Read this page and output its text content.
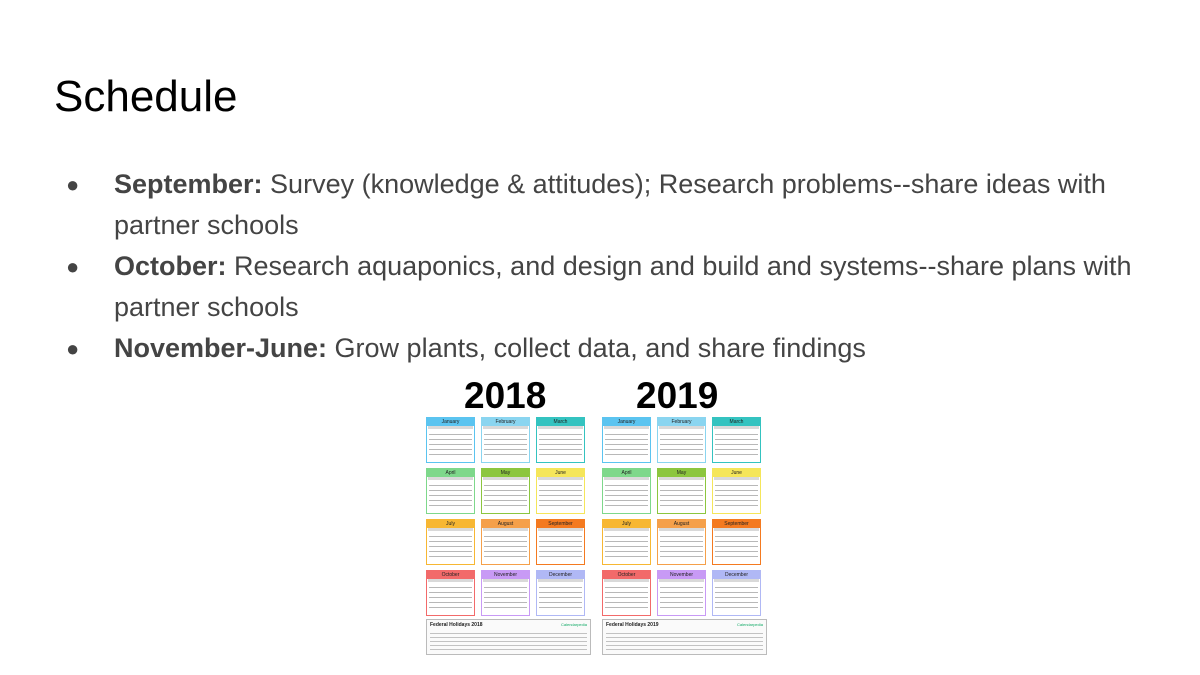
Schedule
● September: Survey (knowledge & attitudes); Research problems--share ideas with partner schools
● October: Research aquaponics, and design and build and systems--share plans with partner schools
● November-June: Grow plants, collect data, and share findings
2018 2019
January	February	March
April	May	June
July	August	September
October	November	December
Federal Holidays 2018	Calendarpedia
January	February	March
April	May	June
July	August	September
October	November	December
Federal Holidays 2019	Calendarpedia
